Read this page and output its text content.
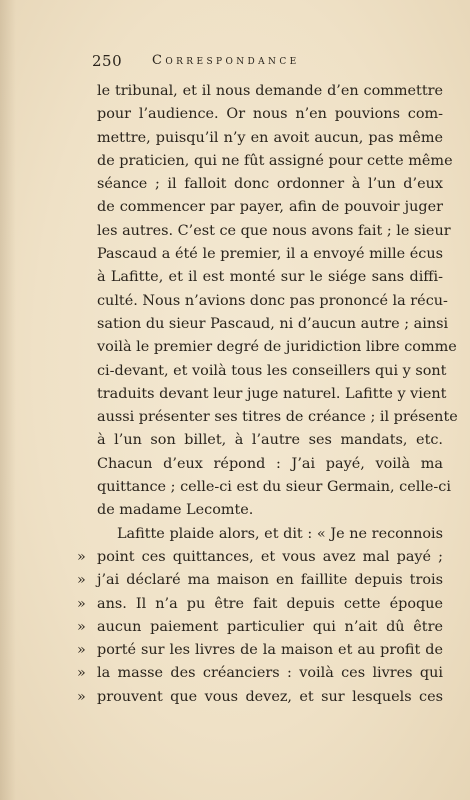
250 Correspondance
le tribunal, et il nous demande d’en commettre
pour l’audience. Or nous n’en pouvions com-
mettre, puisqu’il n’y en avoit aucun, pas même
de praticien, qui ne fût assigné pour cette même
séance ; il falloit donc ordonner à l’un d’eux
de commencer par payer, afin de pouvoir juger
les autres. C’est ce que nous avons fait ; le sieur
Pascaud a été le premier, il a envoyé mille écus
à Lafitte, et il est monté sur le siége sans diffi-
culté. Nous n’avions donc pas prononcé la récu-
sation du sieur Pascaud, ni d’aucun autre ; ainsi
voilà le premier degré de juridiction libre comme
ci-devant, et voilà tous les conseillers qui y sont
traduits devant leur juge naturel. Lafitte y vient
aussi présenter ses titres de créance ; il présente
à l’un son billet, à l’autre ses mandats, etc.
Chacun d’eux répond : J’ai payé, voilà ma
quittance ; celle-ci est du sieur Germain, celle-ci
de madame Lecomte.
Lafitte plaide alors, et dit : « Je ne reconnois
» point ces quittances, et vous avez mal payé ;
» j’ai déclaré ma maison en faillite depuis trois
» ans. Il n’a pu être fait depuis cette époque
» aucun paiement particulier qui n’ait dû être
» porté sur les livres de la maison et au profit de
» la masse des créanciers : voilà ces livres qui
» prouvent que vous devez, et sur lesquels ces
